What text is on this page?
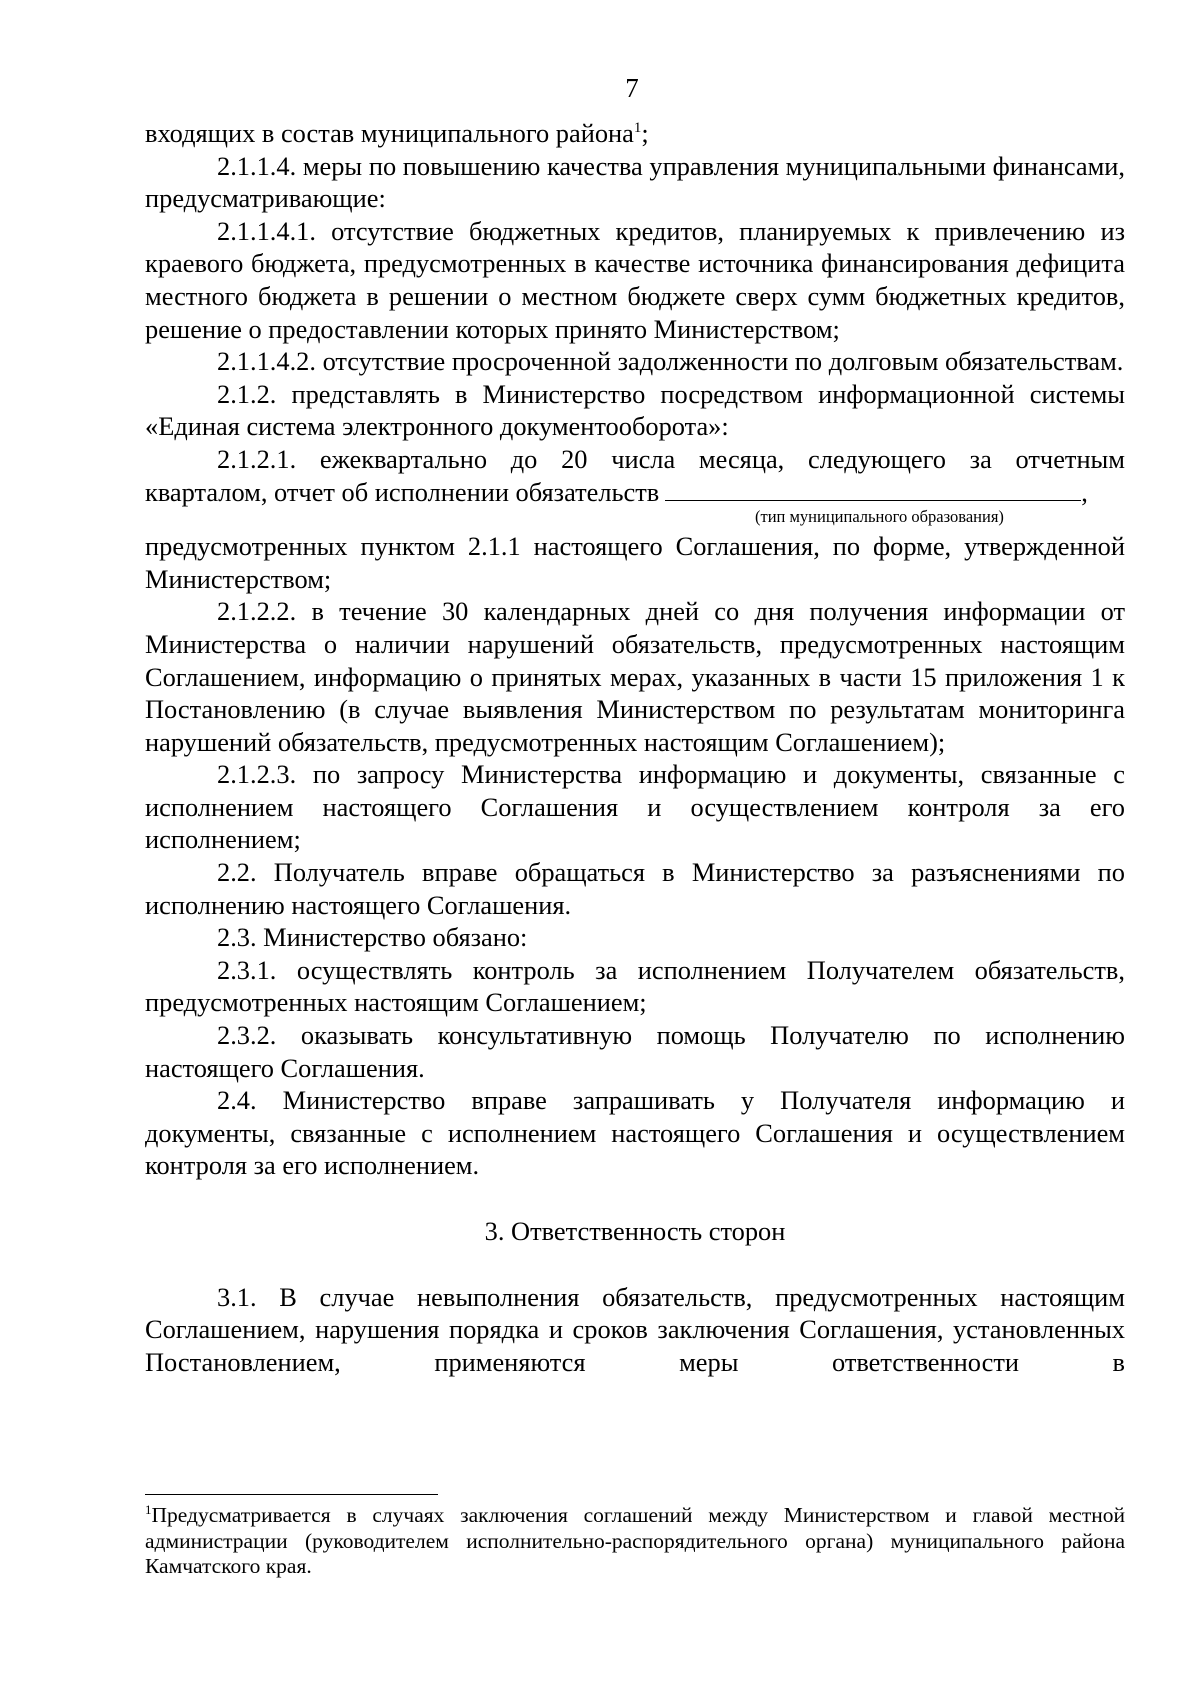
7

входящих в состав муниципального района$^1$;

2.1.1.4. меры по повышению качества управления муниципальными финансами, предусматривающие:

2.1.1.4.1. отсутствие бюджетных кредитов, планируемых к привлечению из краевого бюджета, предусмотренных в качестве источника финансирования дефицита местного бюджета в решении о местном бюджете сверх сумм бюджетных кредитов, решение о предоставлении которых принято Министерством;

2.1.1.4.2. отсутствие просроченной задолженности по долговым обязательствам.

2.1.2. представлять в Министерство посредством информационной системы «Единая система электронного документооборота»:

2.1.2.1. ежеквартально до 20 числа месяца, следующего за отчетным

кварталом, отчет об исполнении обязательств	,

(тип муниципального образования)

предусмотренных пунктом 2.1.1 настоящего Соглашения, по форме, утвержденной Министерством;

2.1.2.2. в течение 30 календарных дней со дня получения информации от Министерства о наличии нарушений обязательств, предусмотренных настоящим Соглашением, информацию о принятых мерах, указанных в части 15 приложения 1 к Постановлению (в случае выявления Министерством по результатам мониторинга нарушений обязательств, предусмотренных настоящим Соглашением);

2.1.2.3. по запросу Министерства информацию и документы, связанные с исполнением настоящего Соглашения и осуществлением контроля за его исполнением;

2.2. Получатель вправе обращаться в Министерство за разъяснениями по исполнению настоящего Соглашения.

2.3. Министерство обязано:

2.3.1. осуществлять контроль за исполнением Получателем обязательств, предусмотренных настоящим Соглашением;

2.3.2. оказывать консультативную помощь Получателю по исполнению настоящего Соглашения.

2.4. Министерство вправе запрашивать у Получателя информацию и документы, связанные с исполнением настоящего Соглашения и осуществлением контроля за его исполнением.

3. Ответственность сторон

3.1. В случае невыполнения обязательств, предусмотренных настоящим Соглашением, нарушения порядка и сроков заключения Соглашения, установленных Постановлением, применяются меры ответственности в

$^1$Предусматривается в случаях заключения соглашений между Министерством и главой местной администрации (руководителем исполнительно-распорядительного органа) муниципального района Камчатского края.
